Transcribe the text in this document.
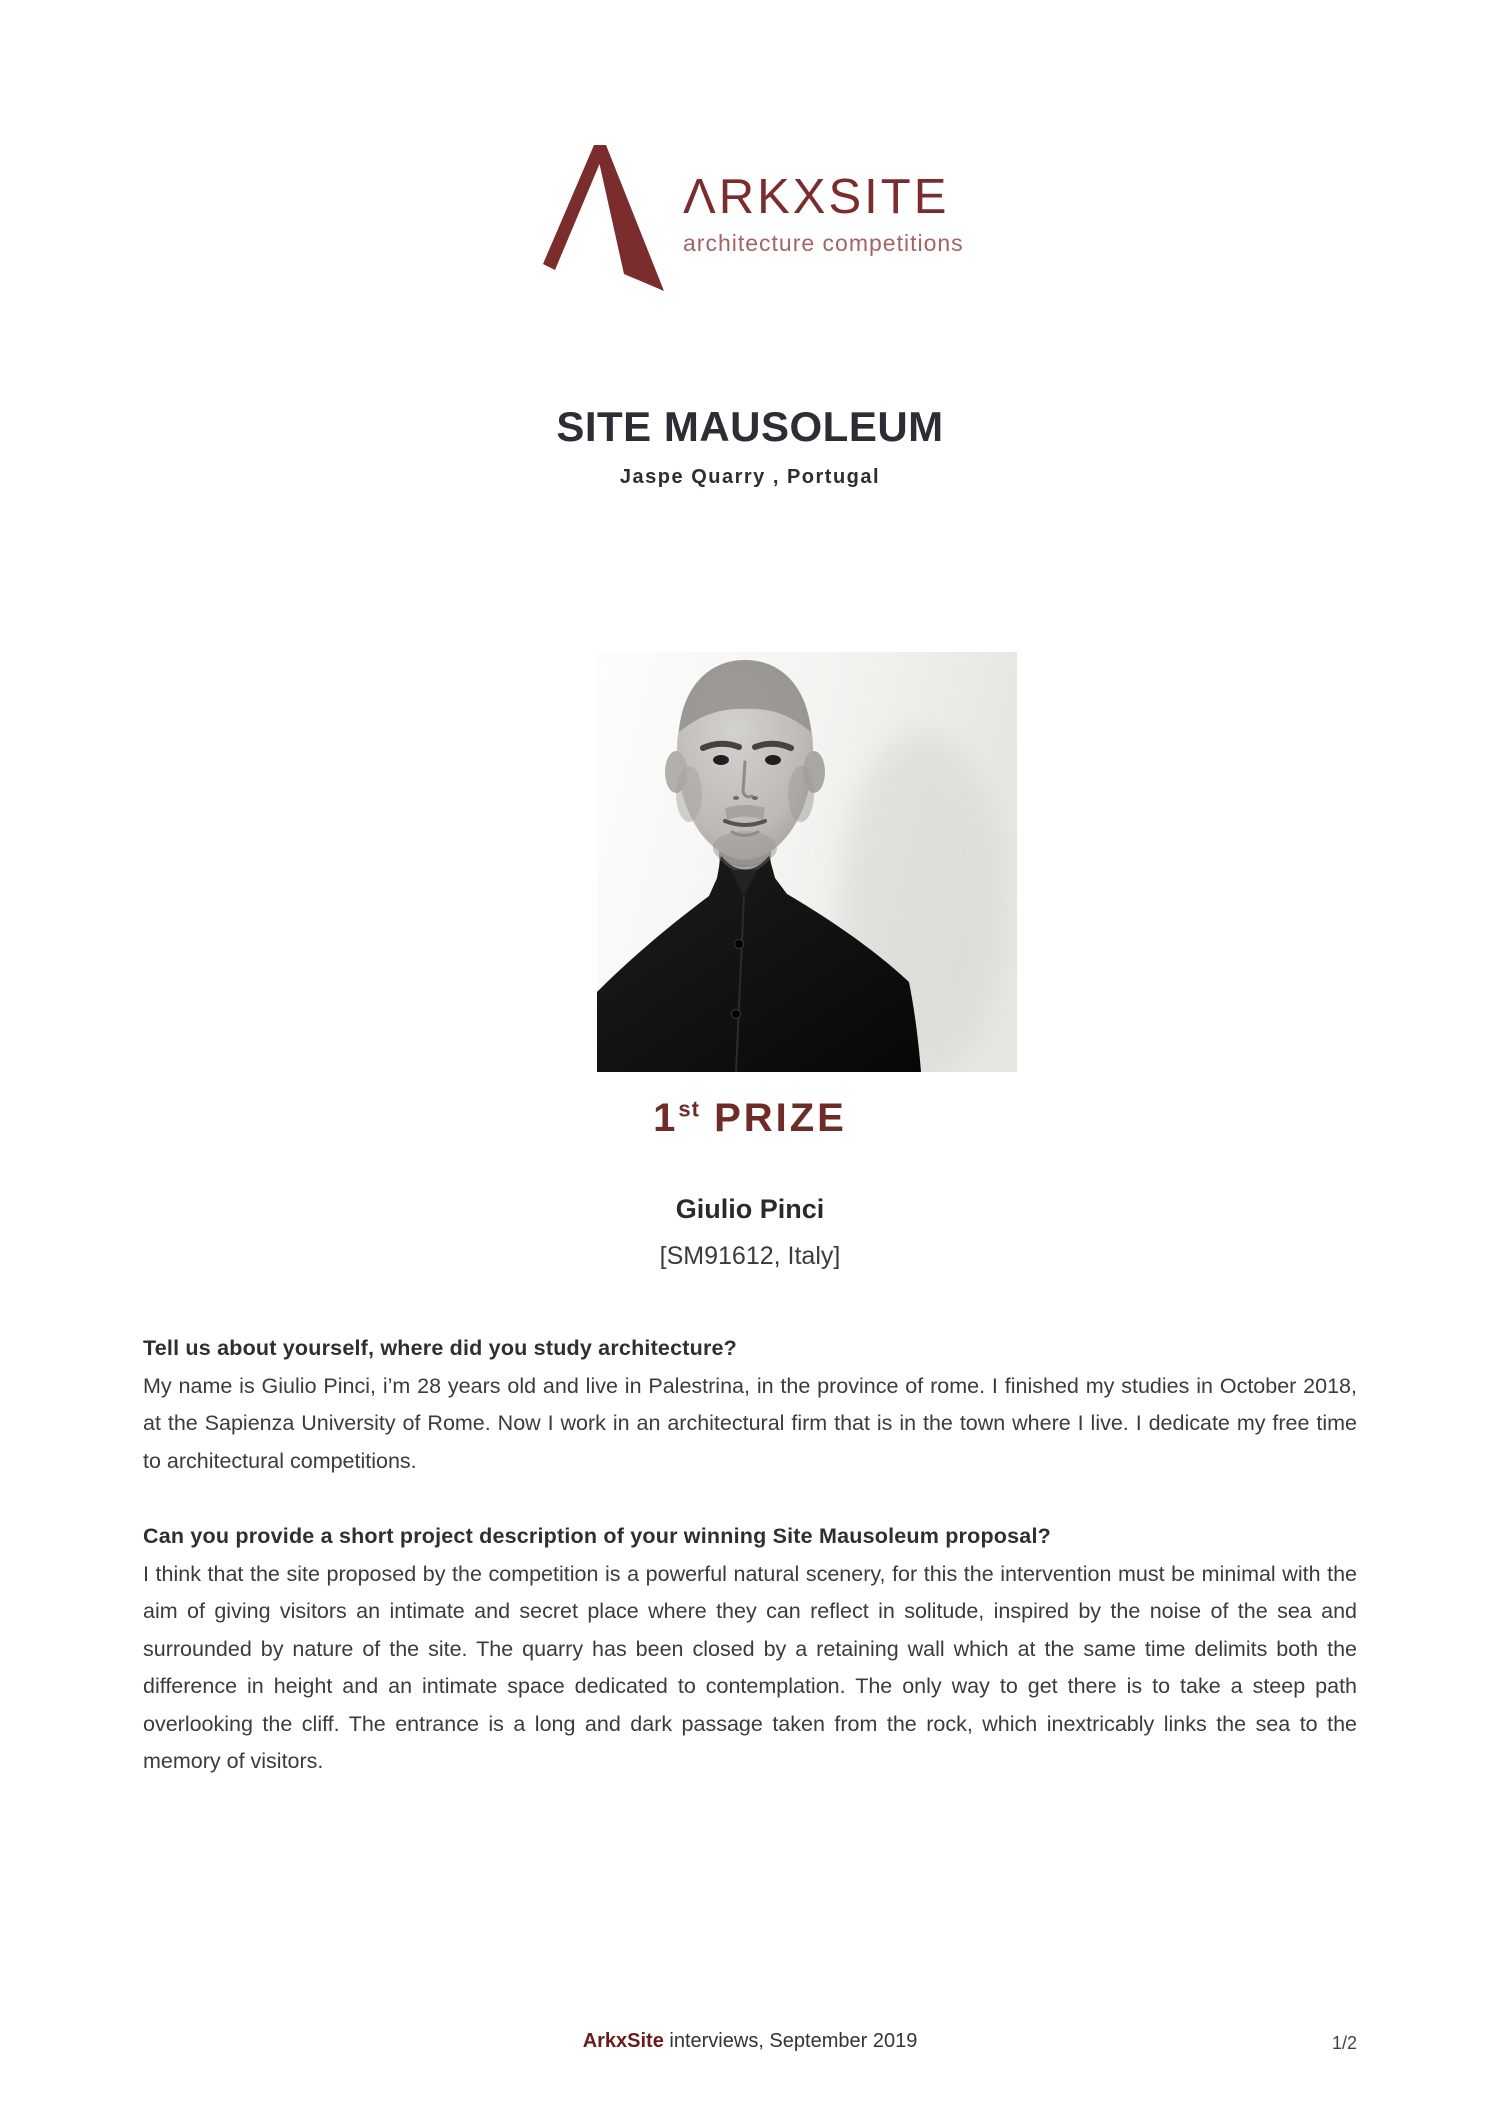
ΛRKXSITE
architecture competitions
SITE MAUSOLEUM
Jaspe Quarry , Portugal
1st PRIZE
Giulio Pinci
[SM91612, Italy]
Tell us about yourself, where did you study architecture?

My name is Giulio Pinci, i’m 28 years old and live in Palestrina, in the province of rome. I finished my studies in October 2018, at the Sapienza University of Rome. Now I work in an architectural firm that is in the town where I live. I dedicate my free time to architectural competitions.

Can you provide a short project description of your winning Site Mausoleum proposal?

I think that the site proposed by the competition is a powerful natural scenery, for this the intervention must be minimal with the aim of giving visitors an intimate and secret place where they can reflect in solitude, inspired by the noise of the sea and surrounded by nature of the site. The quarry has been closed by a retaining wall which at the same time delimits both the difference in height and an intimate space dedicated to contemplation. The only way to get there is to take a steep path overlooking the cliff. The entrance is a long and dark passage taken from the rock, which inextricably links the sea to the memory of visitors.

ArkxSite interviews, September 2019	1/2
